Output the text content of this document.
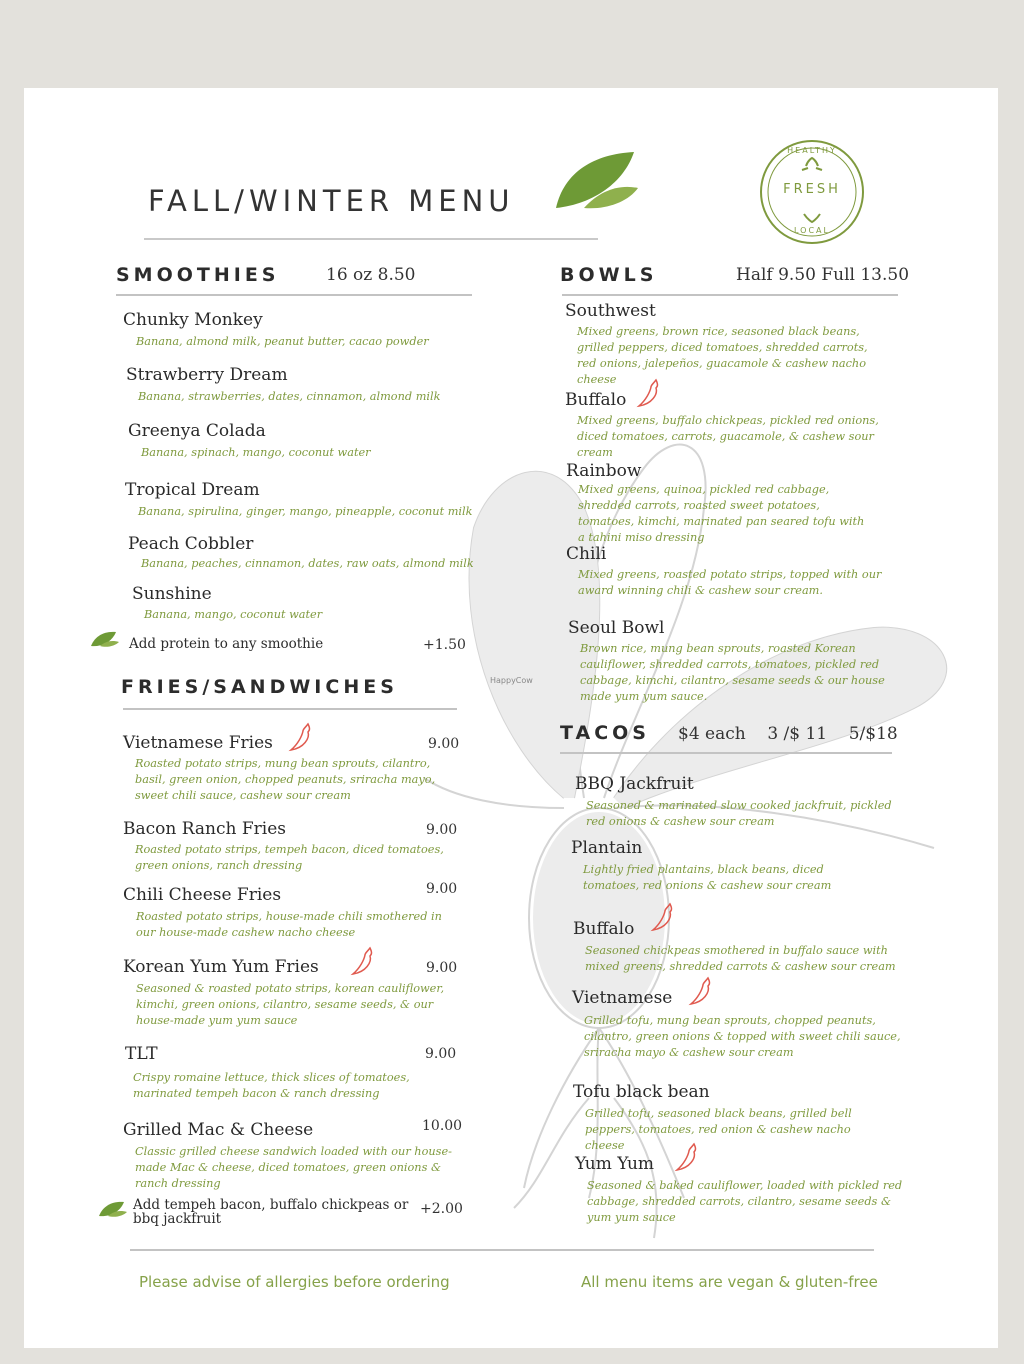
FALL/WINTER MENU
HEALTHY
FRESH
LOCAL
SMOOTHIES	16 oz 8.50
Chunky Monkey
Banana, almond milk, peanut butter, cacao powder
Strawberry Dream
Banana, strawberries, dates, cinnamon, almond milk
Greenya Colada
Banana, spinach, mango, coconut water
Tropical Dream
Banana, spirulina, ginger, mango, pineapple, coconut milk
Peach Cobbler
Banana, peaches, cinnamon, dates, raw oats, almond milk
Sunshine
Banana, mango, coconut water
Add protein to any smoothie	+1.50
FRIES/SANDWICHES
Vietnamese Fries	9.00
Roasted potato strips, mung bean sprouts, cilantro, basil, green onion, chopped peanuts, sriracha mayo, sweet chili sauce, cashew sour cream
Bacon Ranch Fries	9.00
Roasted potato strips, tempeh bacon, diced tomatoes, green onions, ranch dressing
Chili Cheese Fries	9.00
Roasted potato strips, house-made chili smothered in our house-made cashew nacho cheese
Korean Yum Yum Fries	9.00
Seasoned & roasted potato strips, korean cauliflower, kimchi, green onions, cilantro, sesame seeds, & our house-made yum yum sauce
TLT	9.00
Crispy romaine lettuce, thick slices of tomatoes, marinated tempeh bacon & ranch dressing
Grilled Mac & Cheese	10.00
Classic grilled cheese sandwich loaded with our house-made Mac & cheese, diced tomatoes, green onions & ranch dressing
Add tempeh bacon, buffalo chickpeas or bbq jackfruit
+2.00
BOWLS	Half 9.50 Full 13.50
Southwest
Mixed greens, brown rice, seasoned black beans, grilled peppers, diced tomatoes, shredded carrots, red onions, jalepeños, guacamole & cashew nacho cheese
Buffalo
Mixed greens, buffalo chickpeas, pickled red onions, diced tomatoes, carrots, guacamole, & cashew sour cream
Rainbow
Mixed greens, quinoa, pickled red cabbage, shredded carrots, roasted sweet potatoes, tomatoes, kimchi, marinated pan seared tofu with a tahini miso dressing
Chili
Mixed greens, roasted potato strips, topped with our award winning chili & cashew sour cream.
Seoul Bowl
Brown rice, mung bean sprouts, roasted Korean cauliflower, shredded carrots, tomatoes, pickled red cabbage, kimchi, cilantro, sesame seeds & our house made yum yum sauce.
HappyCow
TACOS $4 each    3 /$ 11    5/$18
BBQ Jackfruit
Seasoned & marinated slow cooked jackfruit, pickled red onions & cashew sour cream
Plantain
Lightly fried plantains, black beans, diced tomatoes, red onions & cashew sour cream
Buffalo
Seasoned chickpeas smothered in buffalo sauce with mixed greens, shredded carrots & cashew sour cream
Vietnamese
Grilled tofu, mung bean sprouts, chopped peanuts, cilantro, green onions & topped with sweet chili sauce, sriracha mayo & cashew sour cream
Tofu black bean
Grilled tofu, seasoned black beans, grilled bell peppers, tomatoes, red onion & cashew nacho cheese
Yum Yum
Seasoned & baked cauliflower, loaded with pickled red cabbage, shredded carrots, cilantro, sesame seeds & yum yum sauce
Please advise of allergies before ordering	All menu items are vegan & gluten-free
